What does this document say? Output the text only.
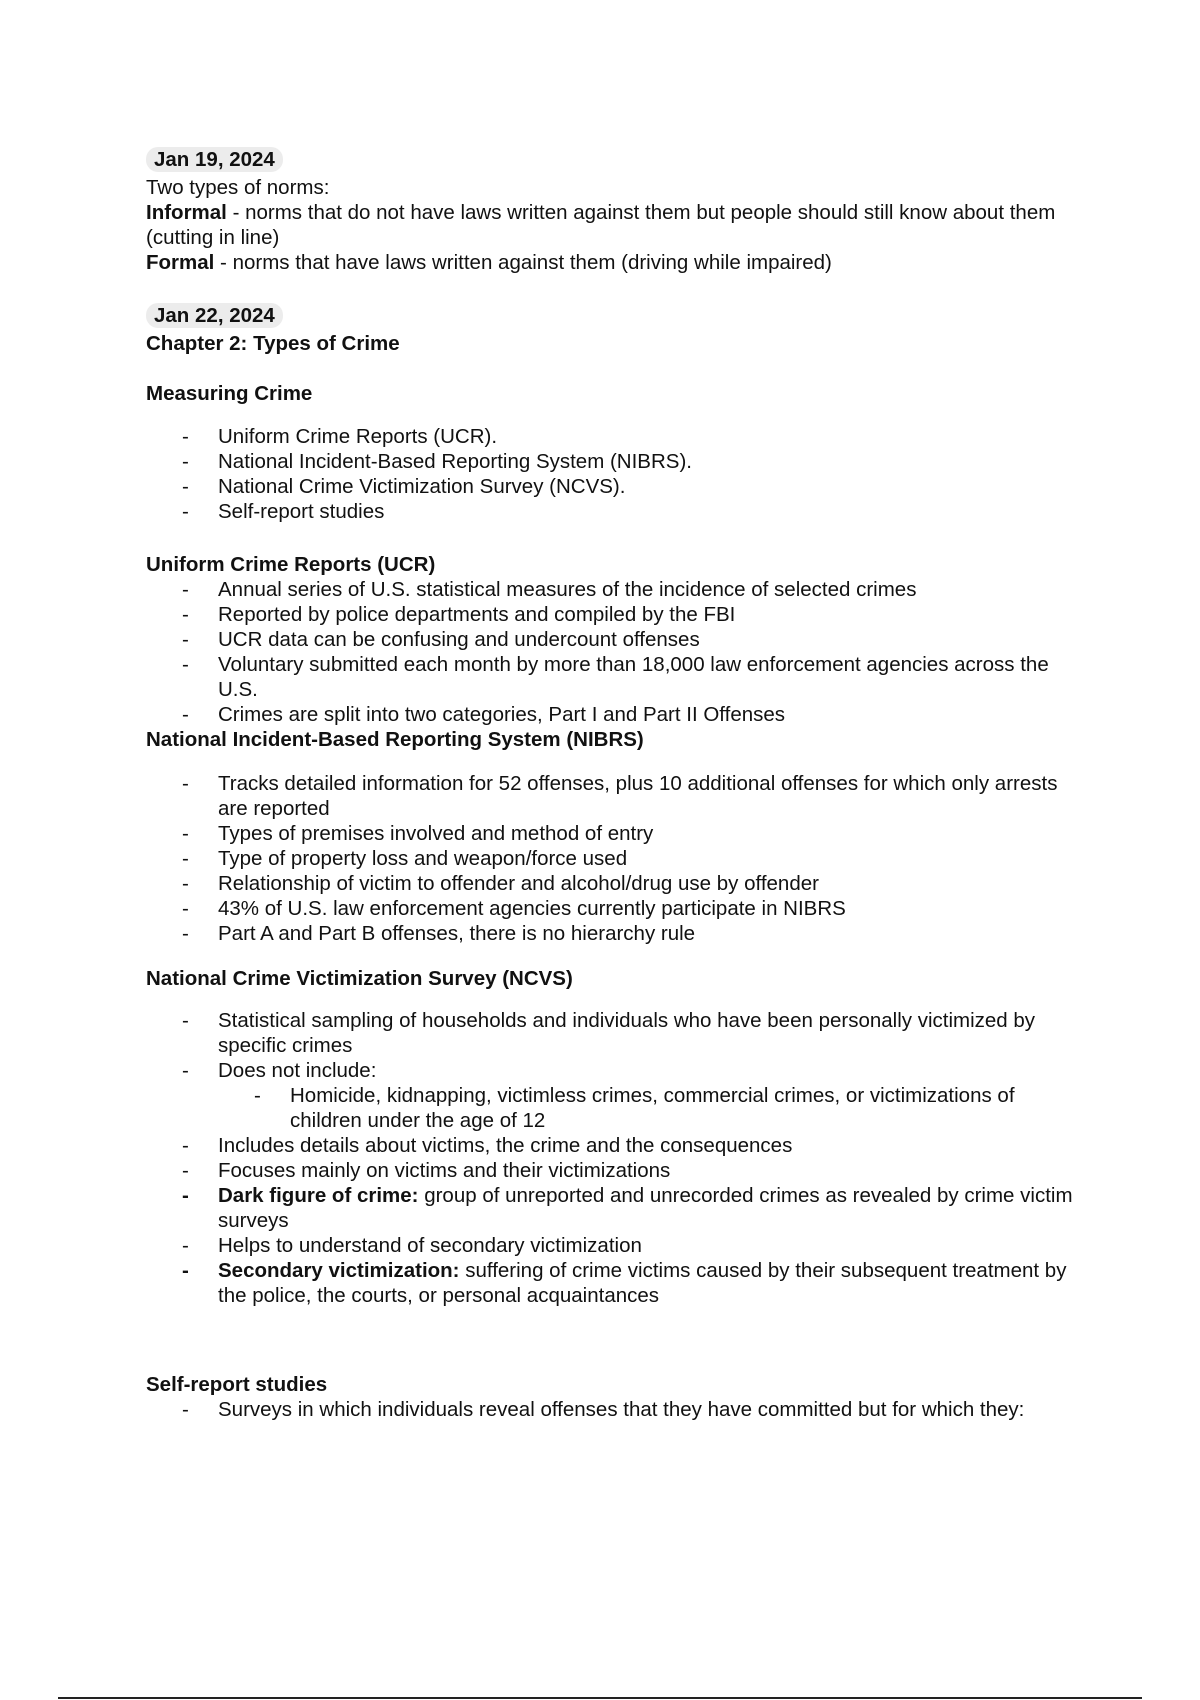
Jan 19, 2024
Two types of norms:
Informal - norms that do not have laws written against them but people should still know about them (cutting in line)
Formal - norms that have laws written against them (driving while impaired)
Jan 22, 2024
Chapter 2: Types of Crime
Measuring Crime
- Uniform Crime Reports (UCR).
- National Incident-Based Reporting System (NIBRS).
- National Crime Victimization Survey (NCVS).
- Self-report studies
Uniform Crime Reports (UCR)
- Annual series of U.S. statistical measures of the incidence of selected crimes
- Reported by police departments and compiled by the FBI
- UCR data can be confusing and undercount offenses
- Voluntary submitted each month by more than 18,000 law enforcement agencies across the U.S.
- Crimes are split into two categories, Part I and Part II Offenses
National Incident-Based Reporting System (NIBRS)
- Tracks detailed information for 52 offenses, plus 10 additional offenses for which only arrests are reported
- Types of premises involved and method of entry
- Type of property loss and weapon/force used
- Relationship of victim to offender and alcohol/drug use by offender
- 43% of U.S. law enforcement agencies currently participate in NIBRS
- Part A and Part B offenses, there is no hierarchy rule
National Crime Victimization Survey (NCVS)
- Statistical sampling of households and individuals who have been personally victimized by specific crimes
- Does not include:
- Homicide, kidnapping, victimless crimes, commercial crimes, or victimizations of children under the age of 12
- Includes details about victims, the crime and the consequences
- Focuses mainly on victims and their victimizations
- Dark figure of crime: group of unreported and unrecorded crimes as revealed by crime victim surveys
- Helps to understand of secondary victimization
- Secondary victimization: suffering of crime victims caused by their subsequent treatment by the police, the courts, or personal acquaintances
Self-report studies
- Surveys in which individuals reveal offenses that they have committed but for which they:
